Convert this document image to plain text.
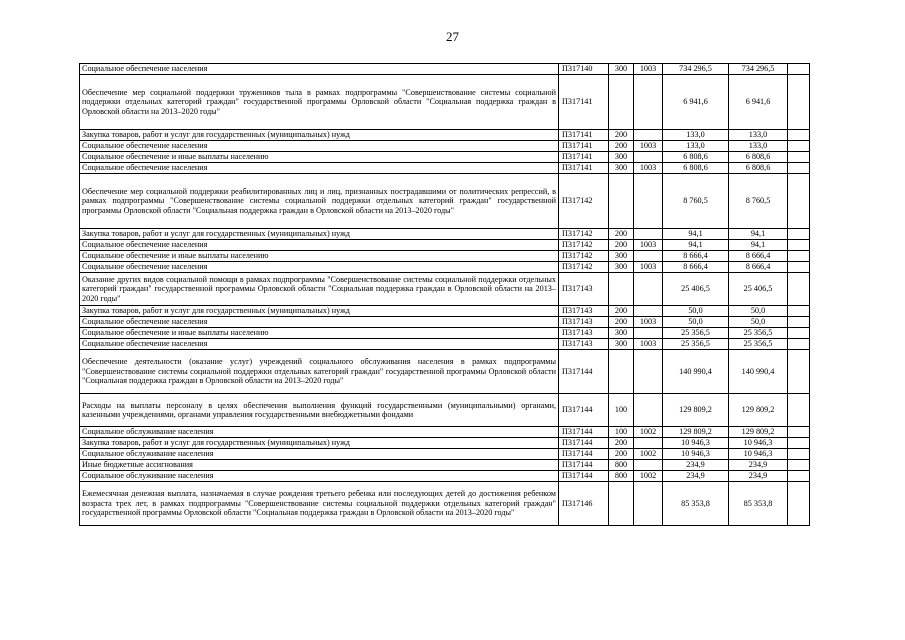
27
Социальное обеспечение населения	П317140	300	1003	734 296,5	734 296,5	
Обеспечение мер социальной поддержки тружеников тыла в рамках подпрограммы "Совершенствование системы социальной поддержки отдельных категорий граждан" государственной программы Орловской области "Социальная поддержка граждан в Орловской области на 2013–2020 годы"	П317141			6 941,6	6 941,6	
Закупка товаров, работ и услуг для государственных (муниципальных) нужд	П317141	200		133,0	133,0	
Социальное обеспечение населения	П317141	200	1003	133,0	133,0	
Социальное обеспечение и иные выплаты населению	П317141	300		6 808,6	6 808,6	
Социальное обеспечение населения	П317141	300	1003	6 808,6	6 808,6	
Обеспечение мер социальной поддержки реабилитированных лиц и лиц, признанных пострадавшими от политических репрессий, в рамках подпрограммы "Совершенствование системы социальной поддержки отдельных категорий граждан" государственной программы Орловской области "Социальная поддержка граждан в Орловской области на 2013–2020 годы"	П317142			8 760,5	8 760,5	
Закупка товаров, работ и услуг для государственных (муниципальных) нужд	П317142	200		94,1	94,1	
Социальное обеспечение населения	П317142	200	1003	94,1	94,1	
Социальное обеспечение и иные выплаты населению	П317142	300		8 666,4	8 666,4	
Социальное обеспечение населения	П317142	300	1003	8 666,4	8 666,4	
Оказание других видов социальной помощи в рамках подпрограммы "Совершенствование системы социальной поддержки отдельных категорий граждан" государственной программы Орловской области "Социальная поддержка граждан в Орловской области на 2013–2020 годы"	П317143			25 406,5	25 406,5	
Закупка товаров, работ и услуг для государственных (муниципальных) нужд	П317143	200		50,0	50,0	
Социальное обеспечение населения	П317143	200	1003	50,0	50,0	
Социальное обеспечение и иные выплаты населению	П317143	300		25 356,5	25 356,5	
Социальное обеспечение населения	П317143	300	1003	25 356,5	25 356,5	
Обеспечение деятельности (оказание услуг) учреждений социального обслуживания населения в рамках подпрограммы "Совершенствование системы социальной поддержки отдельных категорий граждан" государственной программы Орловской области "Социальная поддержка граждан в Орловской области на 2013–2020 годы"	П317144			140 990,4	140 990,4	
Расходы на выплаты персоналу в целях обеспечения выполнения функций государственными (муниципальными) органами, казенными учреждениями, органами управления государственными внебюджетными фондами	П317144	100		129 809,2	129 809,2	
Социальное обслуживание населения	П317144	100	1002	129 809,2	129 809,2	
Закупка товаров, работ и услуг для государственных (муниципальных) нужд	П317144	200		10 946,3	10 946,3	
Социальное обслуживание населения	П317144	200	1002	10 946,3	10 946,3	
Иные бюджетные ассигнования	П317144	800		234,9	234,9	
Социальное обслуживание населения	П317144	800	1002	234,9	234,9	
Ежемесячная денежная выплата, назначаемая в случае рождения третьего ребенка или последующих детей до достижения ребенком возраста трех лет, в рамках подпрограммы "Совершенствование системы социальной поддержки отдельных категорий граждан" государственной программы Орловской области "Социальная поддержка граждан в Орловской области на 2013–2020 годы"	П317146			85 353,8	85 353,8	
